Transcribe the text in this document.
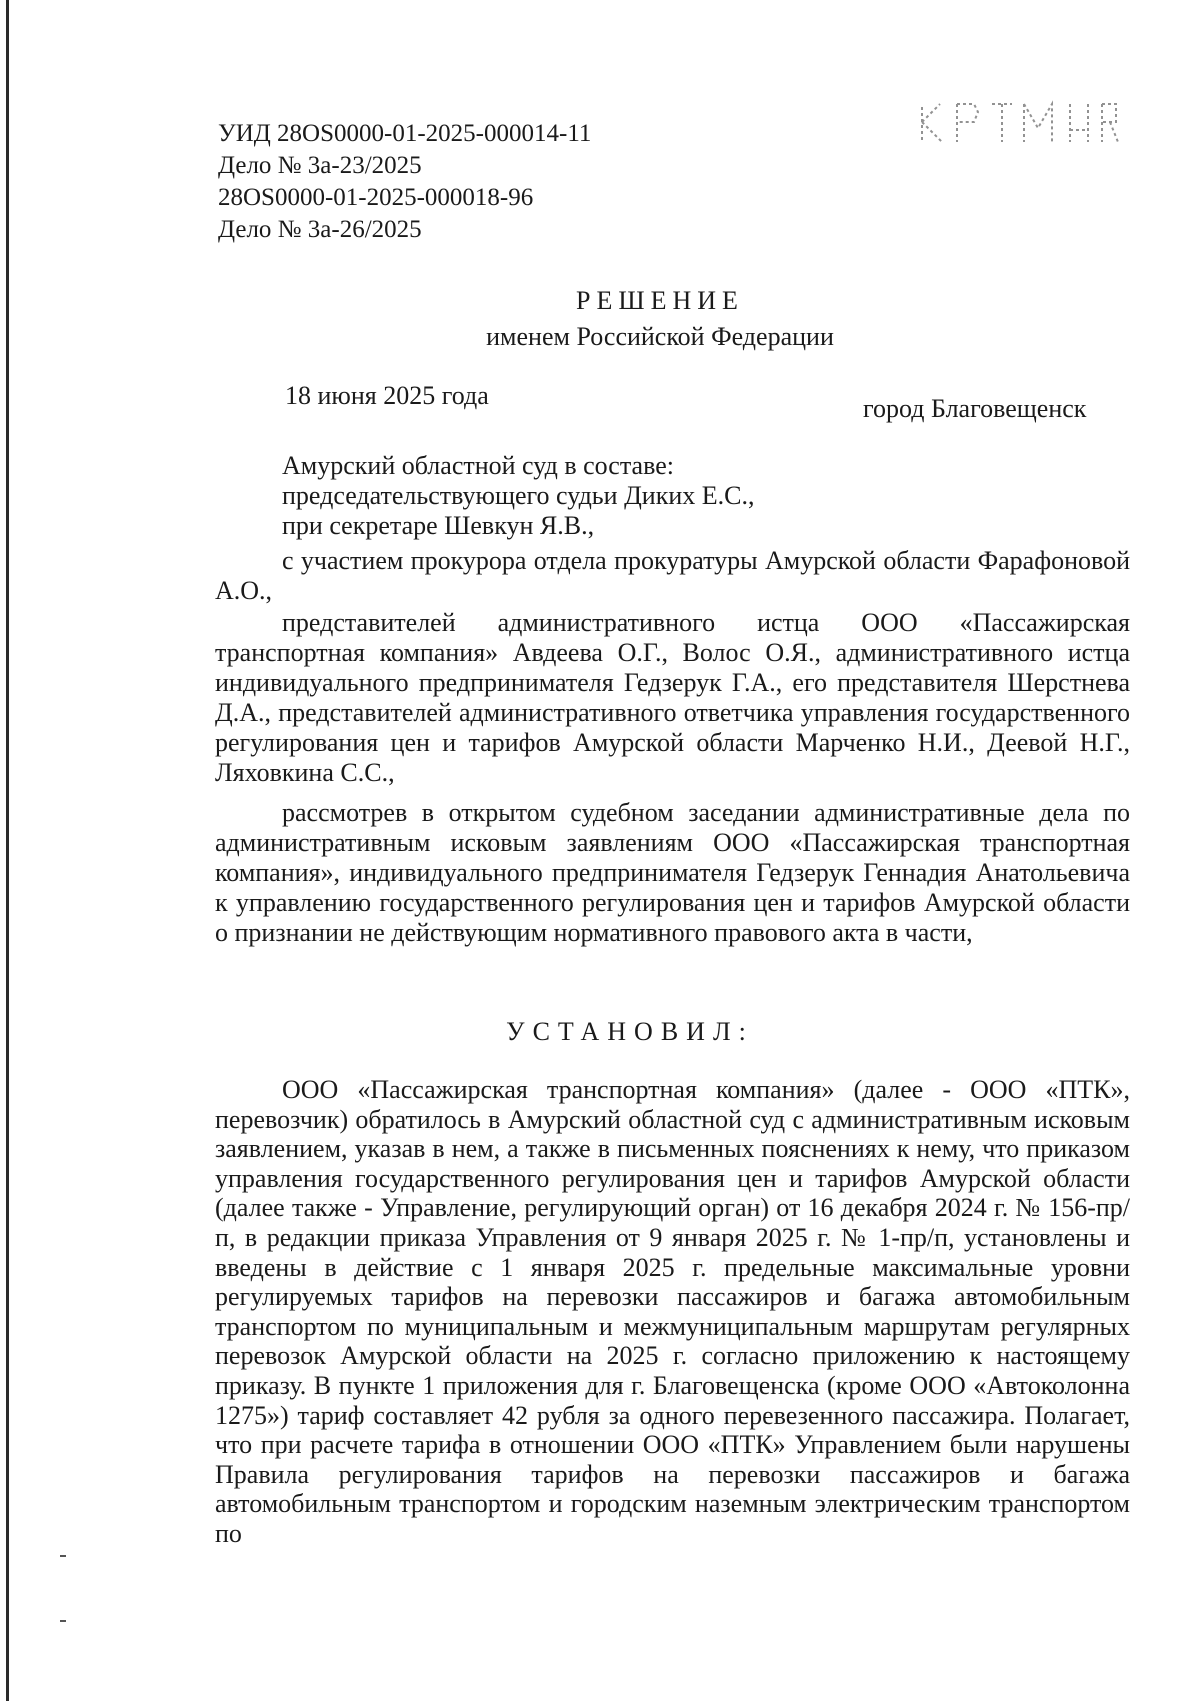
УИД 28OS0000-01-2025-000014-11
Дело № 3а-23/2025
28OS0000-01-2025-000018-96
Дело № 3а-26/2025
РЕШЕНИЕ
именем Российской Федерации
18 июня 2025 года	город Благовещенск
Амурский областной суд в составе:
председательствующего судьи Диких Е.С.,
при секретаре Шевкун Я.В.,
с участием прокурора отдела прокуратуры Амурской области Фарафоновой А.О.,
представителей административного истца ООО «Пассажирская транспортная компания» Авдеева О.Г., Волос О.Я., административного истца индивидуального предпринимателя Гедзерук Г.А., его представителя Шерстнева Д.А., представителей административного ответчика управления государственного регулирования цен и тарифов Амурской области Марченко Н.И., Деевой Н.Г., Ляховкина С.С.,
рассмотрев в открытом судебном заседании административные дела по административным исковым заявлениям ООО «Пассажирская транспортная компания», индивидуального предпринимателя Гедзерук Геннадия Анатольевича к управлению государственного регулирования цен и тарифов Амурской области о признании не действующим нормативного правового акта в части,
УСТАНОВИЛ:
ООО «Пассажирская транспортная компания» (далее - ООО «ПТК», перевозчик) обратилось в Амурский областной суд с административным исковым заявлением, указав в нем, а также в письменных пояснениях к нему, что приказом управления государственного регулирования цен и тарифов Амурской области (далее также - Управление, регулирующий орган) от 16 декабря 2024 г. № 156-пр/п, в редакции приказа Управления от 9 января 2025 г. № 1-пр/п, установлены и введены в действие с 1 января 2025 г. предельные максимальные уровни регулируемых тарифов на перевозки пассажиров и багажа автомобильным транспортом по муниципальным и межмуниципальным маршрутам регулярных перевозок Амурской области на 2025 г. согласно приложению к настоящему приказу. В пункте 1 приложения для г. Благовещенска (кроме ООО «Автоколонна 1275») тариф составляет 42 рубля за одного перевезенного пассажира. Полагает, что при расчете тарифа в отношении ООО «ПТК» Управлением были нарушены Правила регулирования тарифов на перевозки пассажиров и багажа автомобильным транспортом и городским наземным электрическим транспортом по
